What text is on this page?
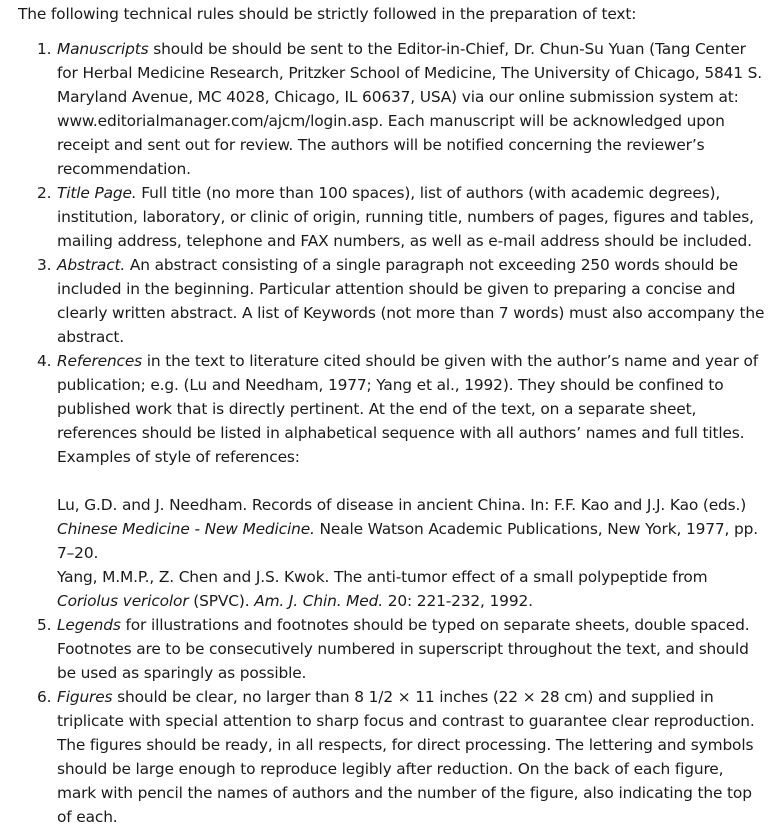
The following technical rules should be strictly followed in the preparation of text:

1. Manuscripts should be should be sent to the Editor-in-Chief, Dr. Chun-Su Yuan (Tang Center for Herbal Medicine Research, Pritzker School of Medicine, The University of Chicago, 5841 S. Maryland Avenue, MC 4028, Chicago, IL 60637, USA) via our online submission system at: www.editorialmanager.com/ajcm/login.asp. Each manuscript will be acknowledged upon receipt and sent out for review. The authors will be notified concerning the reviewer’s recommendation.
2. Title Page. Full title (no more than 100 spaces), list of authors (with academic degrees), institution, laboratory, or clinic of origin, running title, numbers of pages, figures and tables, mailing address, telephone and FAX numbers, as well as e-mail address should be included.
3. Abstract. An abstract consisting of a single paragraph not exceeding 250 words should be included in the beginning. Particular attention should be given to preparing a concise and clearly written abstract. A list of Keywords (not more than 7 words) must also accompany the abstract.
4. References in the text to literature cited should be given with the author’s name and year of publication; e.g. (Lu and Needham, 1977; Yang et al., 1992). They should be confined to published work that is directly pertinent. At the end of the text, on a separate sheet, references should be listed in alphabetical sequence with all authors’ names and full titles. Examples of style of references:
Lu, G.D. and J. Needham. Records of disease in ancient China. In: F.F. Kao and J.J. Kao (eds.) Chinese Medicine - New Medicine. Neale Watson Academic Publications, New York, 1977, pp. 7–20.
Yang, M.M.P., Z. Chen and J.S. Kwok. The anti-tumor effect of a small polypeptide from Coriolus vericolor (SPVC). Am. J. Chin. Med. 20: 221-232, 1992.
5. Legends for illustrations and footnotes should be typed on separate sheets, double spaced. Footnotes are to be consecutively numbered in superscript throughout the text, and should be used as sparingly as possible.
6. Figures should be clear, no larger than 8 1/2 × 11 inches (22 × 28 cm) and supplied in triplicate with special attention to sharp focus and contrast to guarantee clear reproduction. The figures should be ready, in all respects, for direct processing. The lettering and symbols should be large enough to reproduce legibly after reduction. On the back of each figure, mark with pencil the names of authors and the number of the figure, also indicating the top of each.
